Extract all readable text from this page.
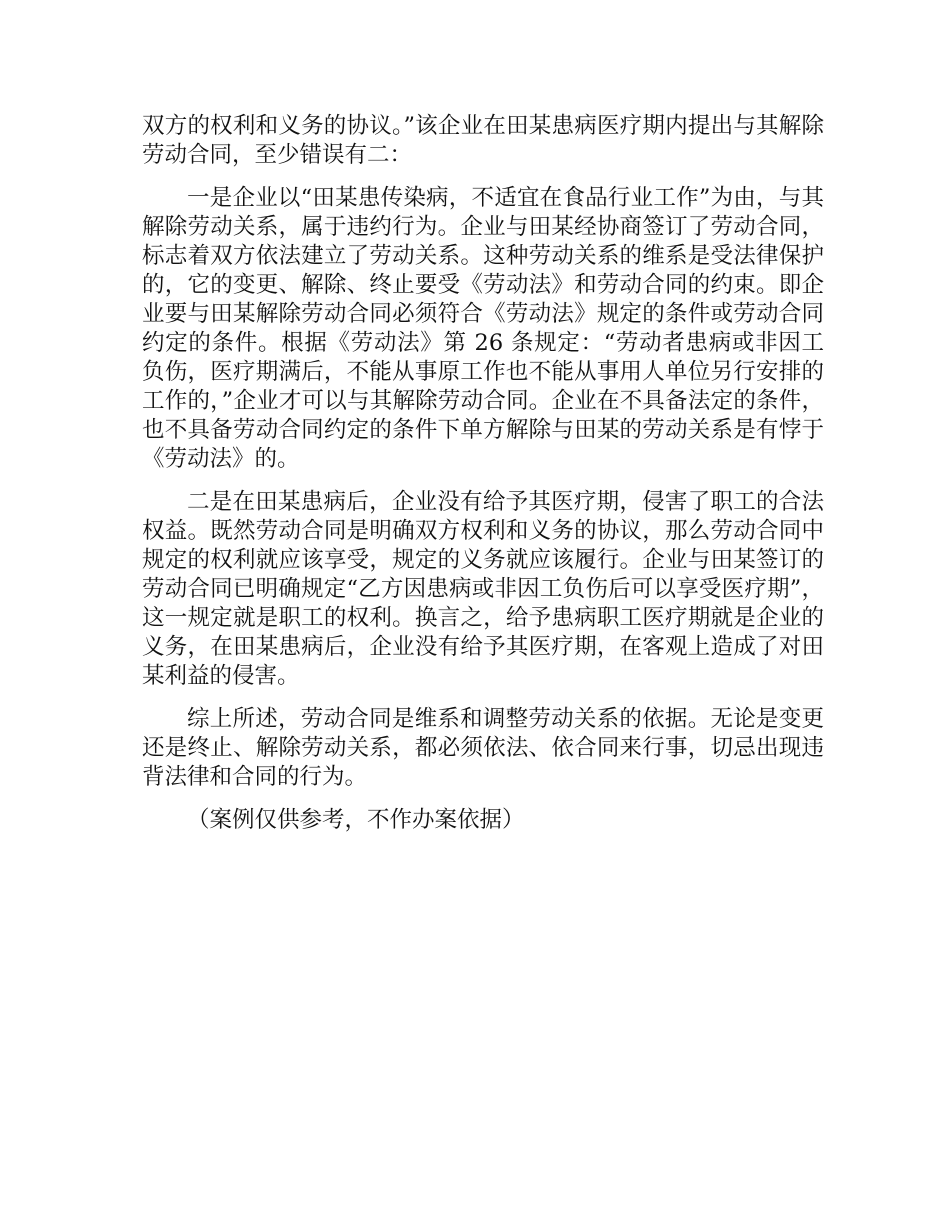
双方的权利和义务的协议。”该企业在田某患病医疗期内提出与其解除劳动合同，至少错误有二：

一是企业以“田某患传染病，不适宜在食品行业工作”为由，与其解除劳动关系，属于违约行为。企业与田某经协商签订了劳动合同，标志着双方依法建立了劳动关系。这种劳动关系的维系是受法律保护的，它的变更、解除、终止要受《劳动法》和劳动合同的约束。即企业要与田某解除劳动合同必须符合《劳动法》规定的条件或劳动合同约定的条件。根据《劳动法》第 26 条规定：“劳动者患病或非因工负伤，医疗期满后，不能从事原工作也不能从事用人单位另行安排的工作的，”企业才可以与其解除劳动合同。企业在不具备法定的条件，也不具备劳动合同约定的条件下单方解除与田某的劳动关系是有悖于《劳动法》的。

二是在田某患病后，企业没有给予其医疗期，侵害了职工的合法权益。既然劳动合同是明确双方权利和义务的协议，那么劳动合同中规定的权利就应该享受，规定的义务就应该履行。企业与田某签订的劳动合同已明确规定“乙方因患病或非因工负伤后可以享受医疗期”，这一规定就是职工的权利。换言之，给予患病职工医疗期就是企业的义务，在田某患病后，企业没有给予其医疗期，在客观上造成了对田某利益的侵害。

综上所述，劳动合同是维系和调整劳动关系的依据。无论是变更还是终止、解除劳动关系，都必须依法、依合同来行事，切忌出现违背法律和合同的行为。

（案例仅供参考，不作办案依据）
